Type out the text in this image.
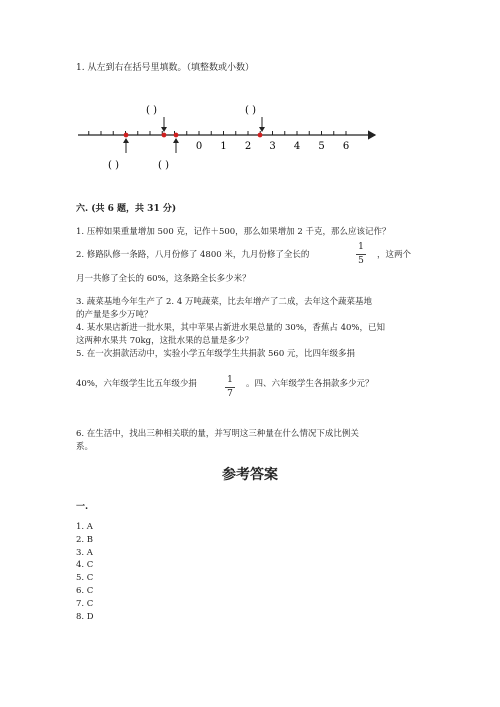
1. 从左到右在括号里填数。（填整数或小数）
0 1 2 3 4 5 6
( )	( )
( )	( )
六. (共 6 题，共 31 分)
1. 压榨如果重量增加 500 克，记作＋500，那么如果增加 2 千克，那么应该记作？
2. 修路队修一条路，八月份修了 4800 米，九月份修了全长的
1
5
，这两个
月一共修了全长的 60%，这条路全长多少米？
3. 蔬菜基地今年生产了 2. 4 万吨蔬菜，比去年增产了二成，去年这个蔬菜基地
的产量是多少万吨？
4. 某水果店新进一批水果，其中苹果占新进水果总量的 30%，香蕉占 40%，已知
这两种水果共 70kg，这批水果的总量是多少？
5. 在一次捐款活动中，实验小学五年级学生共捐款 560 元，比四年级多捐
40%，六年级学生比五年级少捐	1
7
。四、六年级学生各捐款多少元？
6. 在生活中，找出三种相关联的量，并写明这三种量在什么情况下成比例关
系。
参考答案
一.
1. A
2. B
3. A
4. C
5. C
6. C
7. C
8. D
